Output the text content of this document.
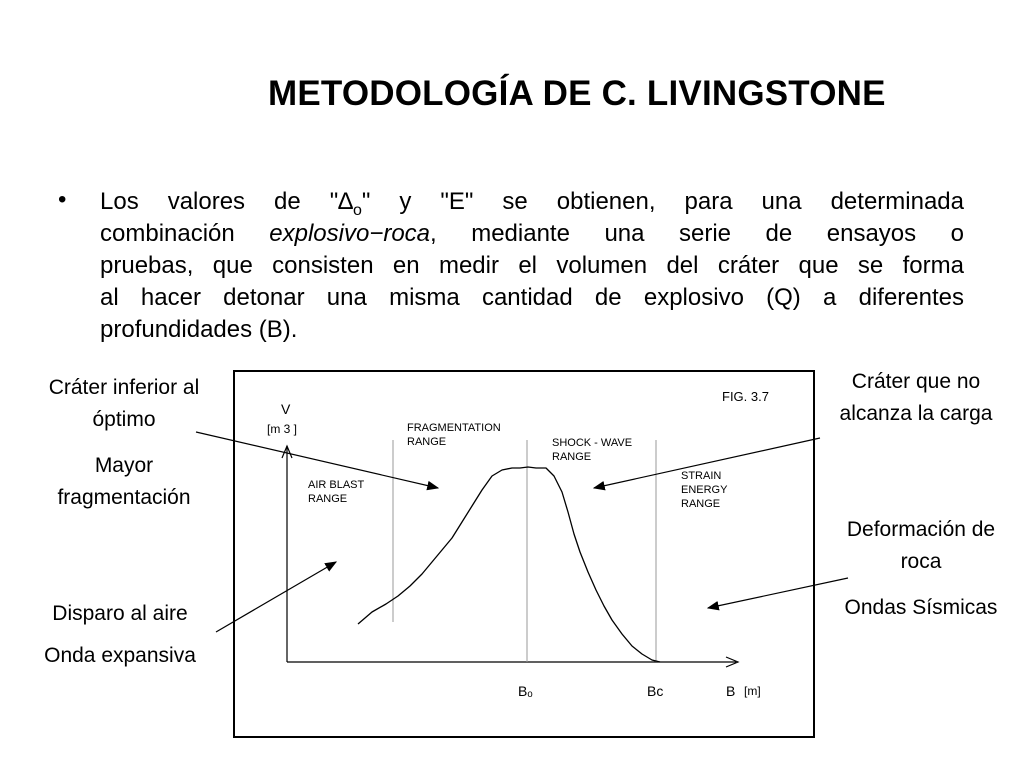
METODOLOGÍA DE C. LIVINGSTONE
• Los valores de "$\Delta_o$" y "E" se obtienen, para una determinada
combinación explosivo−roca, mediante una serie de ensayos o
pruebas, que consisten en medir el volumen del cráter que se forma
al hacer detonar una misma cantidad de explosivo (Q) a diferentes
profundidades (B).
Cráter inferior al
óptimo
Mayor
fragmentación
Disparo al aire
Onda expansiva
Cráter que no
alcanza la carga
Deformación de
roca
Ondas Sísmicas
FIG. 3.7
V
[m 3 ]
AIR BLAST
RANGE
FRAGMENTATION
RANGE	SHOCK - WAVE
RANGE
STRAIN
ENERGY
RANGE
Bₒ	Bc	B [m]
